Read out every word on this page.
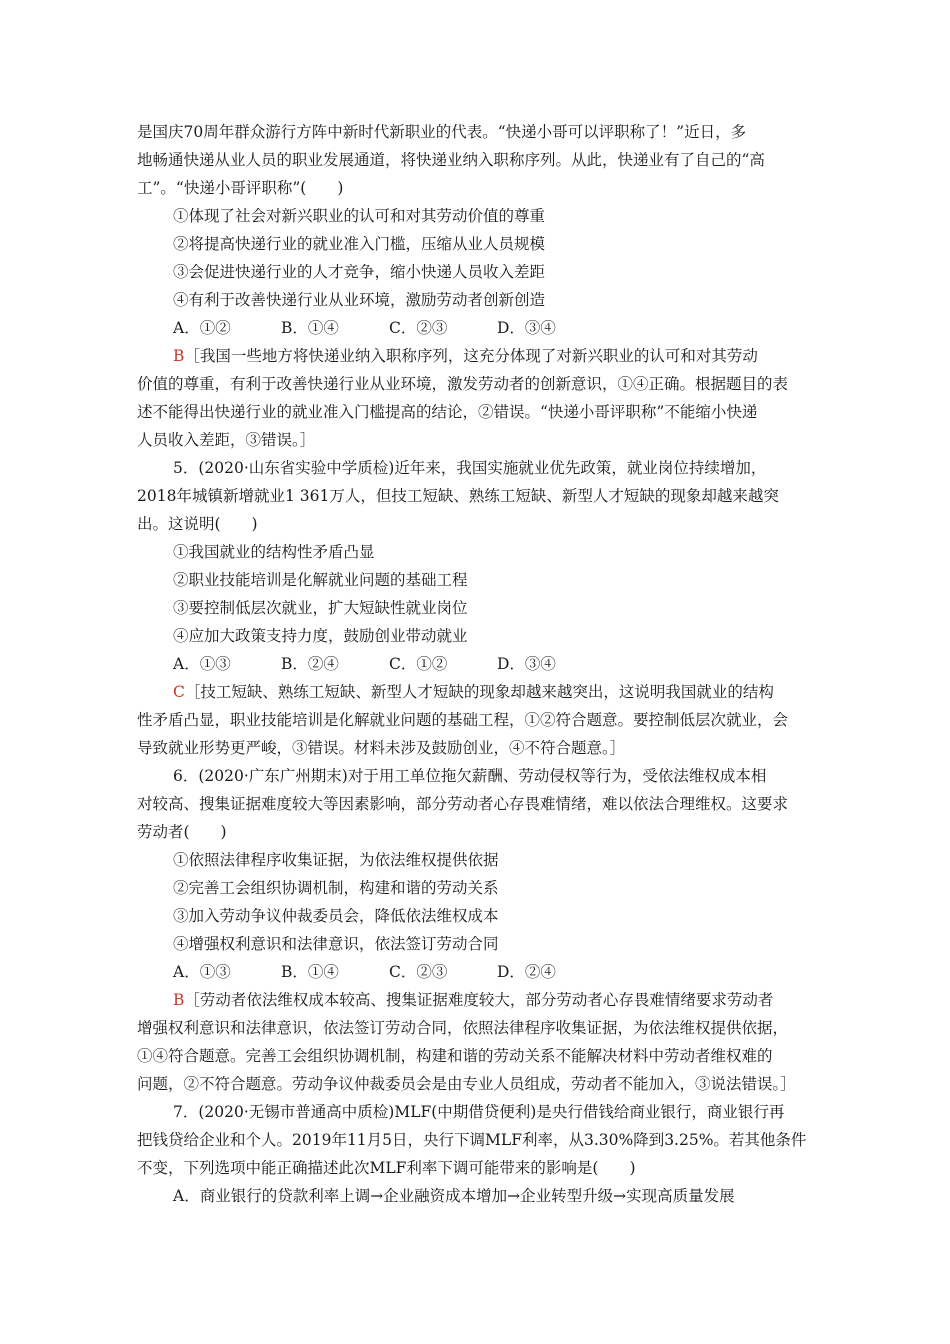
是国庆70周年群众游行方阵中新时代新职业的代表。“快递小哥可以评职称了！”近日，多
地畅通快递从业人员的职业发展通道，将快递业纳入职称序列。从此，快递业有了自己的“高
工”。“快递小哥评职称”(　　)
①体现了社会对新兴职业的认可和对其劳动价值的尊重
②将提高快递行业的就业准入门槛，压缩从业人员规模
③会促进快递行业的人才竞争，缩小快递人员收入差距
④有利于改善快递行业从业环境，激励劳动者创新创造
A．①②	B．①④	C．②③	D．③④
B［我国一些地方将快递业纳入职称序列，这充分体现了对新兴职业的认可和对其劳动
价值的尊重，有利于改善快递行业从业环境，激发劳动者的创新意识，①④正确。根据题目的表
述不能得出快递行业的就业准入门槛提高的结论，②错误。“快递小哥评职称”不能缩小快递
人员收入差距，③错误。］
5．(2020·山东省实验中学质检)近年来，我国实施就业优先政策，就业岗位持续增加，
2018年城镇新增就业1 361万人，但技工短缺、熟练工短缺、新型人才短缺的现象却越来越突
出。这说明(　　)
①我国就业的结构性矛盾凸显
②职业技能培训是化解就业问题的基础工程
③要控制低层次就业，扩大短缺性就业岗位
④应加大政策支持力度，鼓励创业带动就业
A．①③	B．②④	C．①②	D．③④
C［技工短缺、熟练工短缺、新型人才短缺的现象却越来越突出，这说明我国就业的结构
性矛盾凸显，职业技能培训是化解就业问题的基础工程，①②符合题意。要控制低层次就业，会
导致就业形势更严峻，③错误。材料未涉及鼓励创业，④不符合题意。］
6．(2020·广东广州期末)对于用工单位拖欠薪酬、劳动侵权等行为，受依法维权成本相
对较高、搜集证据难度较大等因素影响，部分劳动者心存畏难情绪，难以依法合理维权。这要求
劳动者(　　)
①依照法律程序收集证据，为依法维权提供依据
②完善工会组织协调机制，构建和谐的劳动关系
③加入劳动争议仲裁委员会，降低依法维权成本
④增强权利意识和法律意识，依法签订劳动合同
A．①③	B．①④	C．②③	D．②④
B［劳动者依法维权成本较高、搜集证据难度较大，部分劳动者心存畏难情绪要求劳动者
增强权利意识和法律意识，依法签订劳动合同，依照法律程序收集证据，为依法维权提供依据，
①④符合题意。完善工会组织协调机制，构建和谐的劳动关系不能解决材料中劳动者维权难的
问题，②不符合题意。劳动争议仲裁委员会是由专业人员组成，劳动者不能加入，③说法错误。］
7．(2020·无锡市普通高中质检)MLF(中期借贷便利)是央行借钱给商业银行，商业银行再
把钱贷给企业和个人。2019年11月5日，央行下调MLF利率，从3.30%降到3.25%。若其他条件
不变，下列选项中能正确描述此次MLF利率下调可能带来的影响是(　　)
A．商业银行的贷款利率上调→企业融资成本增加→企业转型升级→实现高质量发展
